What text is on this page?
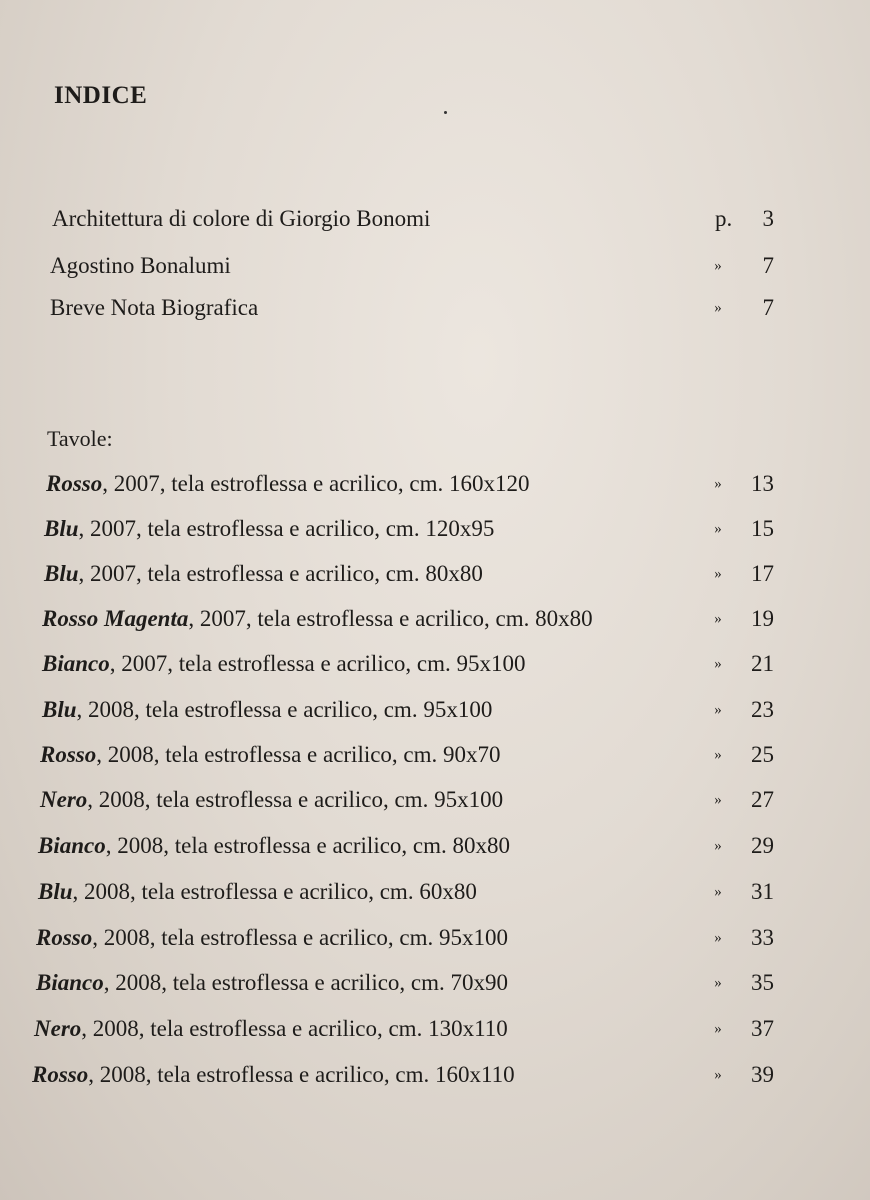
INDICE
Architettura di colore di Giorgio Bonomi	p.	3
Agostino Bonalumi	»	7
Breve Nota Biografica	»	7
Tavole:
Rosso, 2007, tela estroflessa e acrilico, cm. 160x120	»	13
Blu, 2007, tela estroflessa e acrilico, cm. 120x95	»	15
Blu, 2007, tela estroflessa e acrilico, cm. 80x80	»	17
Rosso Magenta, 2007, tela estroflessa e acrilico, cm. 80x80	»	19
Bianco, 2007, tela estroflessa e acrilico, cm. 95x100	»	21
Blu, 2008, tela estroflessa e acrilico, cm. 95x100	»	23
Rosso, 2008, tela estroflessa e acrilico, cm. 90x70	»	25
Nero, 2008, tela estroflessa e acrilico, cm. 95x100	»	27
Bianco, 2008, tela estroflessa e acrilico, cm. 80x80	»	29
Blu, 2008, tela estroflessa e acrilico, cm. 60x80	»	31
Rosso, 2008, tela estroflessa e acrilico, cm. 95x100	»	33
Bianco, 2008, tela estroflessa e acrilico, cm. 70x90	»	35
Nero, 2008, tela estroflessa e acrilico, cm. 130x110	»	37
Rosso, 2008, tela estroflessa e acrilico, cm. 160x110	»	39
